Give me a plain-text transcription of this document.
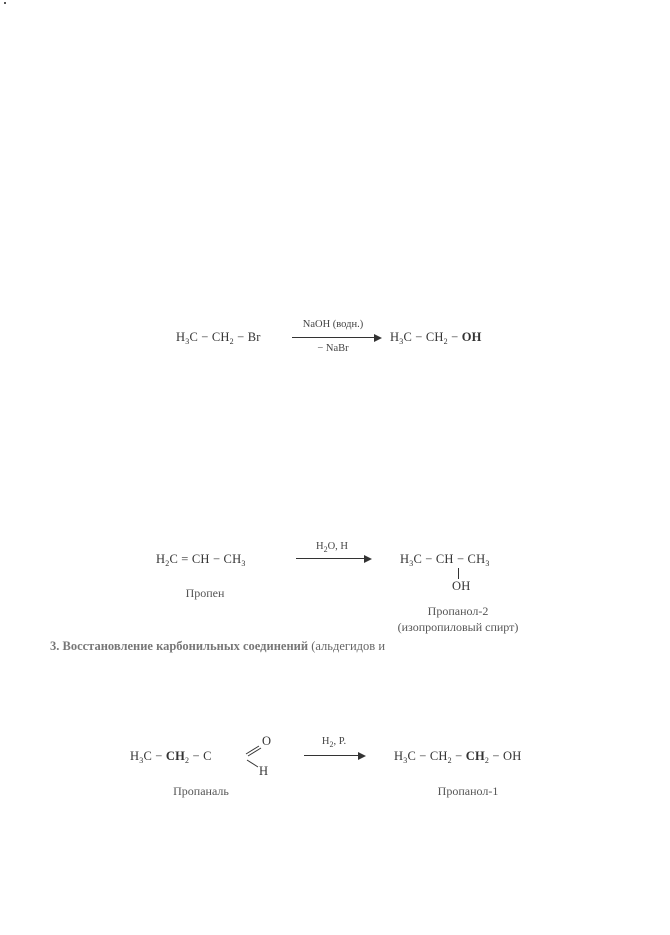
$H_3C - CH_2 - Br$
NaOH (водн.)
− NaBr
$H_3C - CH_2$ − OH
$H_2C$ = CH − $CH_3$
Пропен
$H_2O$, H
$H_3C$ − CH − $CH_3$
OH
Пропанол-2
(изопропиловый спирт)
3. Восстановление карбонильных соединений (альдегидов и
$H_3C - CH_2 - C$
O
H
Пропаналь
$H_2$, P.
$H_3C - CH_2 - CH_2$ − OH
Пропанол-1
